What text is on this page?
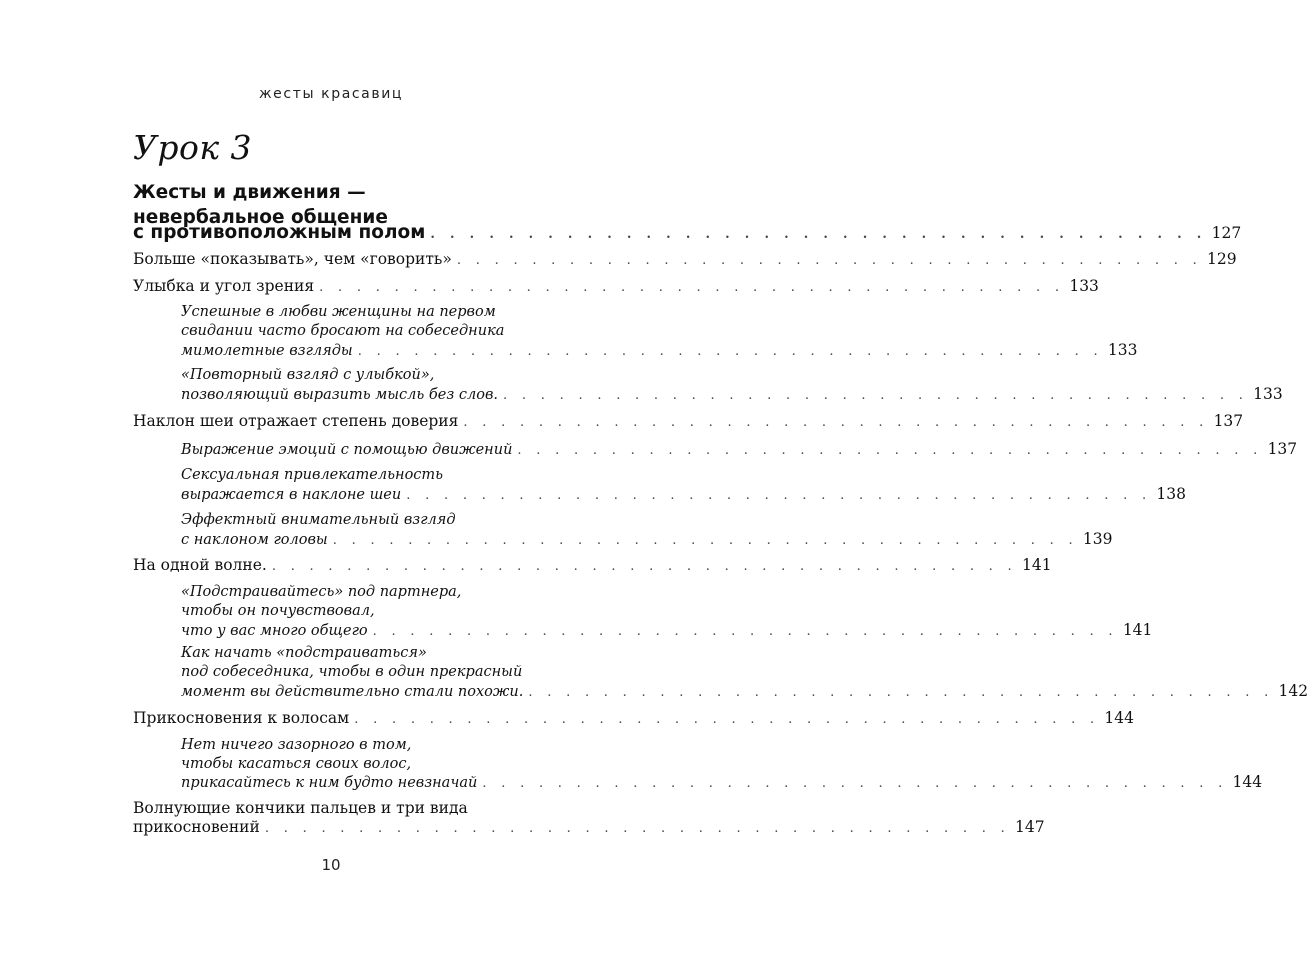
жесты красавиц
Урок 3
Жесты и движения —
невербальное общение
с противоположным полом . . . . . . . . . . . . . . . . . . . . . . . . . . . . . . . . . . . . . . . . 127
Больше «показывать», чем «говорить» . . . . . . . . . . . . . . . . . . . . . . . . . . . . . . . . . . . . . . . . 129
Улыбка и угол зрения . . . . . . . . . . . . . . . . . . . . . . . . . . . . . . . . . . . . . . . . 133
Успешные в любви женщины на первом
свидании часто бросают на собеседника
мимолетные взгляды . . . . . . . . . . . . . . . . . . . . . . . . . . . . . . . . . . . . . . . . 133
«Повторный взгляд с улыбкой»,
позволяющий выразить мысль без слов. . . . . . . . . . . . . . . . . . . . . . . . . . . . . . . . . . . . . . . . . 133
Наклон шеи отражает степень доверия . . . . . . . . . . . . . . . . . . . . . . . . . . . . . . . . . . . . . . . . 137
Выражение эмоций с помощью движений . . . . . . . . . . . . . . . . . . . . . . . . . . . . . . . . . . . . . . . . 137
Сексуальная привлекательность
выражается в наклоне шеи . . . . . . . . . . . . . . . . . . . . . . . . . . . . . . . . . . . . . . . . 138
Эффектный внимательный взгляд
с наклоном головы . . . . . . . . . . . . . . . . . . . . . . . . . . . . . . . . . . . . . . . . 139
На одной волне. . . . . . . . . . . . . . . . . . . . . . . . . . . . . . . . . . . . . . . . . 141
«Подстраивайтесь» под партнера,
чтобы он почувствовал,
что у вас много общего . . . . . . . . . . . . . . . . . . . . . . . . . . . . . . . . . . . . . . . . 141
Как начать «подстраиваться»
под собеседника, чтобы в один прекрасный
момент вы действительно стали похожи. . . . . . . . . . . . . . . . . . . . . . . . . . . . . . . . . . . . . . . . . 142
Прикосновения к волосам . . . . . . . . . . . . . . . . . . . . . . . . . . . . . . . . . . . . . . . . 144
Нет ничего зазорного в том,
чтобы касаться своих волос,
прикасайтесь к ним будто невзначай . . . . . . . . . . . . . . . . . . . . . . . . . . . . . . . . . . . . . . . . 144
Волнующие кончики пальцев и три вида
прикосновений . . . . . . . . . . . . . . . . . . . . . . . . . . . . . . . . . . . . . . . . 147
10
